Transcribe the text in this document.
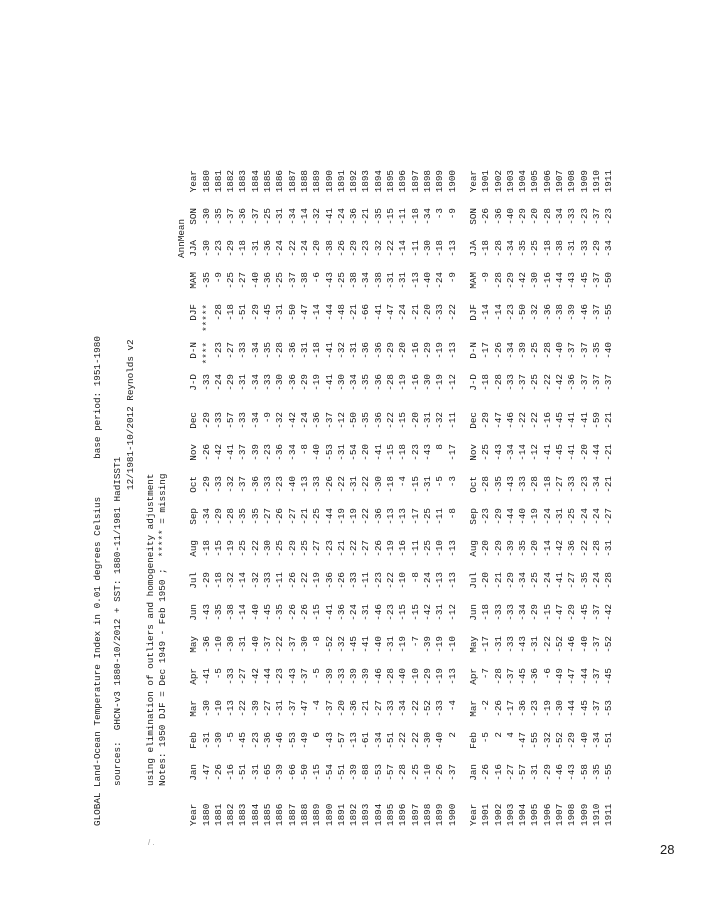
GLOBAL Land-Ocean Temperature Index in 0.01 degrees Celsius
base period: 1951-1980
sources:  GHCN-v3 1880-10/2012 + SST: 1880-11/1981 HadISST1
12/1981-10/2012 Reynolds v2
using elimination of outliers and homogeneity adjustment Notes: 1950 DJF = Dec 1949 - Feb 1950 ;  ***** = missing
AnnMean
Year
Jan
Feb
Mar
Apr
May
Jun
Jul
Aug
Sep
Oct
Nov
Dec
J-D
D-N
DJF
MAM
JJA
SON
Year
1880
-47
-31
-30
-41
-36
-43
-29
-18
-34
-29
-26
-29
-33
****
*****
-35
-30
-30
1880
1881
-26
-30
-10
-5
-10
-35
-18
-15
-29
-33
-42
-33
-24
-23
-28
-9
-23
-35
1881
1882
-16
-5
-13
-33
-30
-38
-32
-19
-28
-32
-41
-57
-29
-27
-18
-25
-29
-37
1882
1883
-51
-45
-22
-27
-31
-14
-14
-25
-35
-37
-37
-33
-31
-33
-51
-27
-18
-36
1883
1884
-31
-23
-39
-42
-40
-40
-32
-22
-35
-36
-39
-34
-34
-34
-29
-40
-31
-37
1884
1885
-65
-36
-27
-44
-37
-45
-33
-30
-27
-33
-23
-9
-33
-35
-45
-36
-36
-25
1885
1886
-39
-46
-31
-23
-22
-35
-11
-25
-26
-23
-36
-32
-30
-28
-31
-25
-24
-31
1886
1887
-66
-53
-37
-43
-37
-26
-26
-29
-27
-40
-34
-42
-36
-36
-50
-37
-22
-34
1887
1888
-50
-49
-47
-37
-30
-26
-22
-25
-21
-13
-8
-24
-29
-31
-47
-38
-24
-14
1888
1889
-15
6
-4
-5
-8
-15
-19
-27
-25
-33
-40
-36
-19
-18
-14
-6
-20
-32
1889
1890
-54
-43
-37
-39
-52
-41
-36
-23
-44
-26
-53
-37
-41
-41
-44
-43
-38
-41
1890
1891
-51
-57
-20
-33
-32
-36
-26
-21
-19
-22
-31
-12
-30
-32
-48
-25
-26
-24
1891
1892
-39
-13
-36
-39
-45
-24
-33
-22
-19
-31
-54
-50
-34
-31
-21
-38
-29
-36
1892
1893
-88
-61
-21
-39
-41
-31
-11
-27
-22
-22
-20
-35
-35
-36
-66
-34
-23
-21
1893
1894
-53
-34
-27
-46
-40
-46
-23
-26
-36
-30
-41
-36
-36
-36
-41
-38
-32
-35
1894
1895
-57
-51
-33
-28
-31
-23
-22
-19
-13
-18
-15
-22
-28
-29
-47
-31
-22
-15
1895
1896
-28
-22
-34
-40
-19
-15
-10
-16
-13
-4
-18
-15
-19
-20
-24
-31
-14
-11
1896
1897
-25
-22
-22
-10
-7
-15
-8
-11
-17
-15
-23
-20
-16
-16
-21
-13
-11
-18
1897
1898
-10
-30
-52
-29
-39
-42
-24
-25
-25
-31
-43
-31
-30
-29
-20
-40
-30
-34
1898
1899
-26
-40
-33
-19
-19
-31
-13
-10
-11
-5
8
-32
-19
-19
-33
-24
-18
-3
1899
1900
-37
2
-4
-13
-10
-12
-13
-13
-8
-3
-17
-11
-12
-13
-22
-9
-13
-9
1900
Year
Jan
Feb
Mar
Apr
May
Jun
Jul
Aug
Sep
Oct
Nov
Dec
J-D
D-N
DJF
MAM
JJA
SON
Year
1901
-26
-5
-2
-7
-17
-18
-20
-20
-23
-28
-25
-29
-18
-17
-14
-9
-18
-26
1901
1902
-16
2
-26
-28
-31
-33
-21
-29
-29
-35
-43
-47
-28
-26
-14
-28
-28
-36
1902
1903
-27
4
-17
-37
-33
-33
-29
-39
-44
-43
-34
-46
-33
-34
-23
-29
-34
-40
1903
1904
-57
-47
-36
-45
-43
-34
-34
-35
-40
-33
-14
-22
-37
-39
-50
-42
-35
-29
1904
1905
-31
-55
-23
-36
-31
-29
-25
-20
-19
-28
-12
-22
-25
-25
-32
-30
-25
-20
1905
1906
-29
-32
-19
-6
-22
-15
-24
-14
-24
-18
-41
-16
-22
-28
-36
-16
-18
-28
1906
1907
-46
-52
-30
-49
-52
-47
-41
-42
-31
-27
-45
-45
-42
-40
-38
-44
-38
-34
1907
1908
-43
-29
-44
-47
-46
-29
-27
-36
-25
-33
-41
-41
-36
-37
-39
-43
-31
-33
1908
1909
-58
-40
-45
-44
-40
-45
-35
-22
-24
-23
-20
-41
-37
-37
-46
-45
-33
-23
1909
1910
-35
-34
-37
-37
-37
-37
-24
-28
-24
-34
-44
-59
-37
-35
-37
-37
-29
-37
1910
1911
-55
-51
-53
-45
-52
-42
-28
-31
-27
-21
-21
-21
-37
-40
-55
-50
-34
-23
1911
28
/ .
